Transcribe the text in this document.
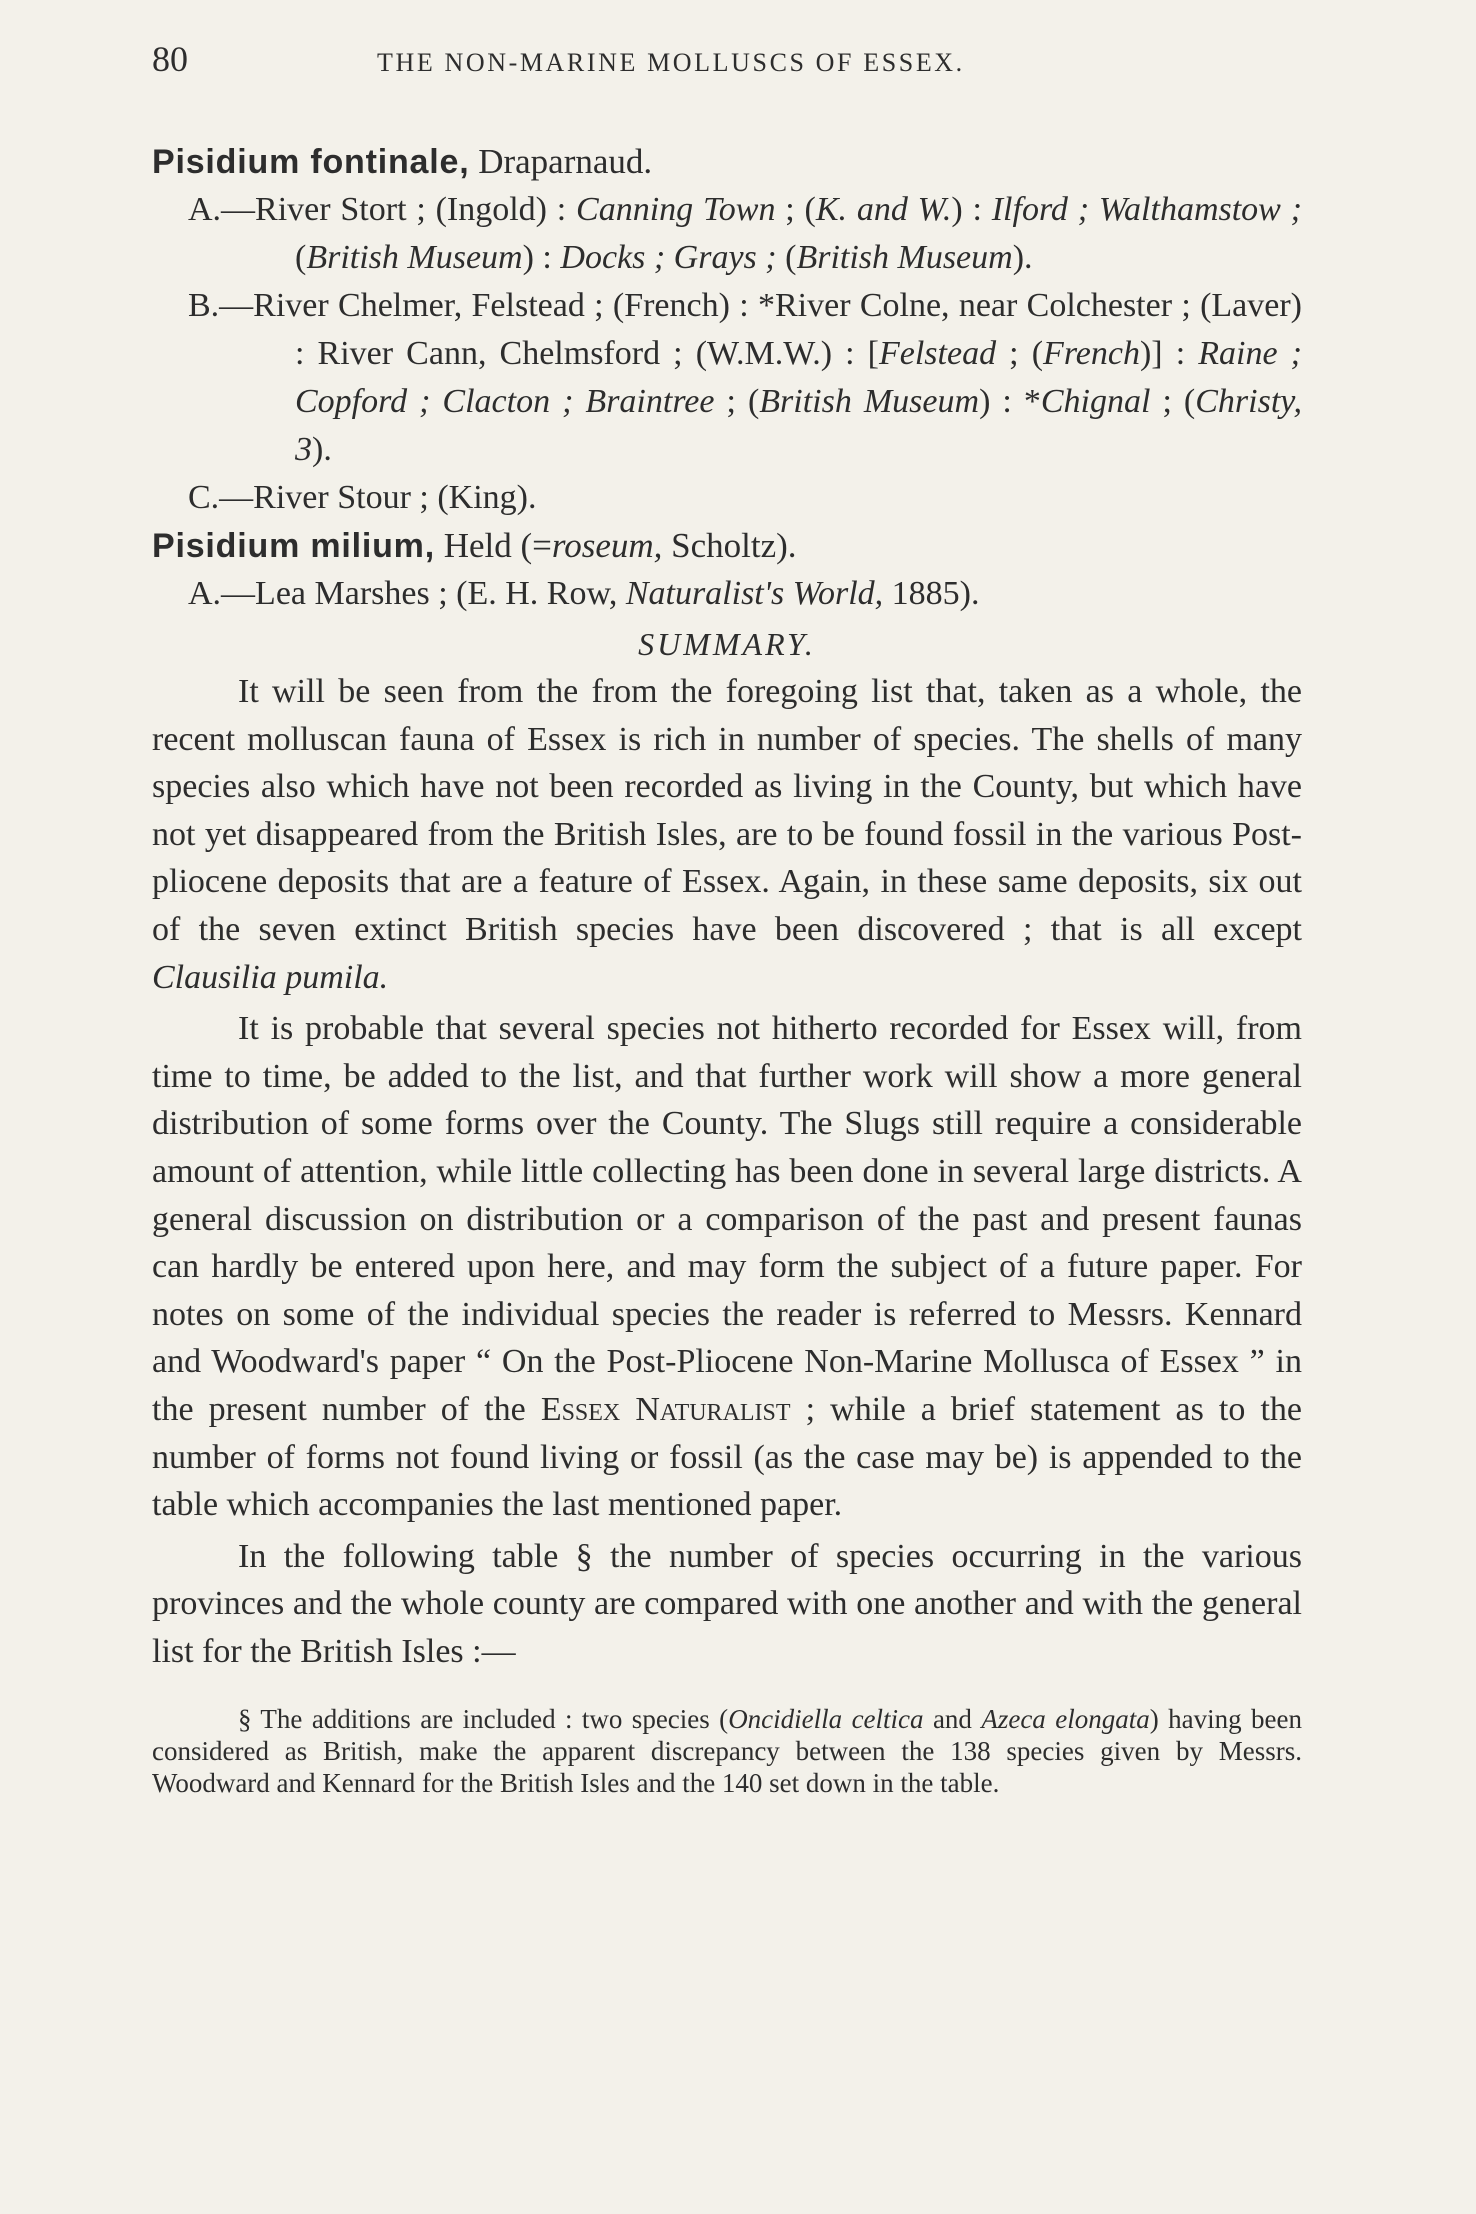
80	THE NON-MARINE MOLLUSCS OF ESSEX.

Pisidium fontinale, Draparnaud.

A.—River Stort ; (Ingold) : Canning Town ; (K. and W.) : Ilford ; Walthamstow ; (British Museum) : Docks ; Grays ; (British Museum).

B.—River Chelmer, Felstead ; (French) : *River Colne, near Colchester ; (Laver) : River Cann, Chelmsford ; (W.M.W.) : [Felstead ; (French)] : Raine ; Copford ; Clacton ; Braintree ; (British Museum) : *Chignal ; (Christy, 3).

C.—River Stour ; (King).

Pisidium milium, Held (=roseum, Scholtz).

A.—Lea Marshes ; (E. H. Row, Naturalist's World, 1885).

SUMMARY.

It will be seen from the from the foregoing list that, taken as a whole, the recent molluscan fauna of Essex is rich in number of species. The shells of many species also which have not been recorded as living in the County, but which have not yet disappeared from the British Isles, are to be found fossil in the various Post-pliocene deposits that are a feature of Essex. Again, in these same deposits, six out of the seven extinct British species have been discovered ; that is all except Clausilia pumila.

It is probable that several species not hitherto recorded for Essex will, from time to time, be added to the list, and that further work will show a more general distribution of some forms over the County. The Slugs still require a considerable amount of attention, while little collecting has been done in several large districts. A general discussion on distribution or a comparison of the past and present faunas can hardly be entered upon here, and may form the subject of a future paper. For notes on some of the individual species the reader is referred to Messrs. Kennard and Woodward's paper “ On the Post-Pliocene Non-Marine Mollusca of Essex ” in the present number of the Essex Naturalist ; while a brief statement as to the number of forms not found living or fossil (as the case may be) is appended to the table which accompanies the last mentioned paper.

In the following table § the number of species occurring in the various provinces and the whole county are compared with one another and with the general list for the British Isles :—

§ The additions are included : two species (Oncidiella celtica and Azeca elongata) having been considered as British, make the apparent discrepancy between the 138 species given by Messrs. Woodward and Kennard for the British Isles and the 140 set down in the table.
